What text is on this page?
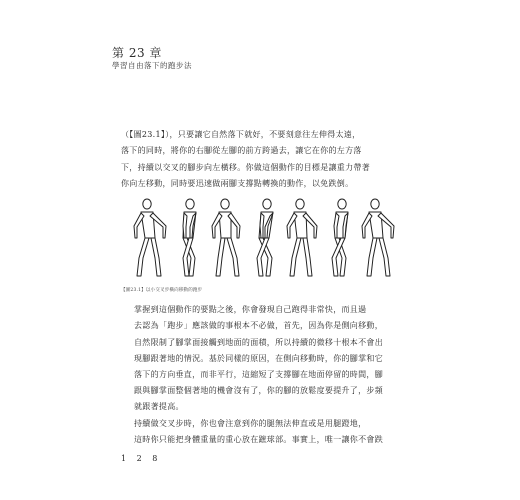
第 23 章
學習自由落下的跑步法
（【圖23.1】），只要讓它自然落下就好，不要刻意往左伸得太遠，
落下的同時，將你的右腳從左腳的前方跨過去，讓它在你的左方落
下，持續以交叉的腳步向左橫移。你做這個動作的目標是讓重力帶著
你向左移動，同時要迅速做兩腳支撐點轉換的動作，以免跌倒。
【圖23.1】以小交叉步橫向移動的跑步
掌握到這個動作的要點之後，你會發現自己跑得非常快，而且過
去認為「跑步」應該做的事根本不必做，首先，因為你是側向移動，
自然限制了腳掌面接觸到地面的面積，所以持續的微移十根本不會出
現腳跟著地的情況。基於同樣的原因，在側向移動時，你的腳掌和它
落下的方向垂直，而非平行，這縮短了支撐腳在地面停留的時間，腳
跟與腳掌面整個著地的機會沒有了，你的腳的放鬆度要提升了，步頻
就跟著提高。
持續做交叉步時，你也會注意到你的腿無法伸直或是用腿蹬地，
這時你只能把身體重量的重心放在蹠球部。事實上，唯一讓你不會跌
1 2 8
